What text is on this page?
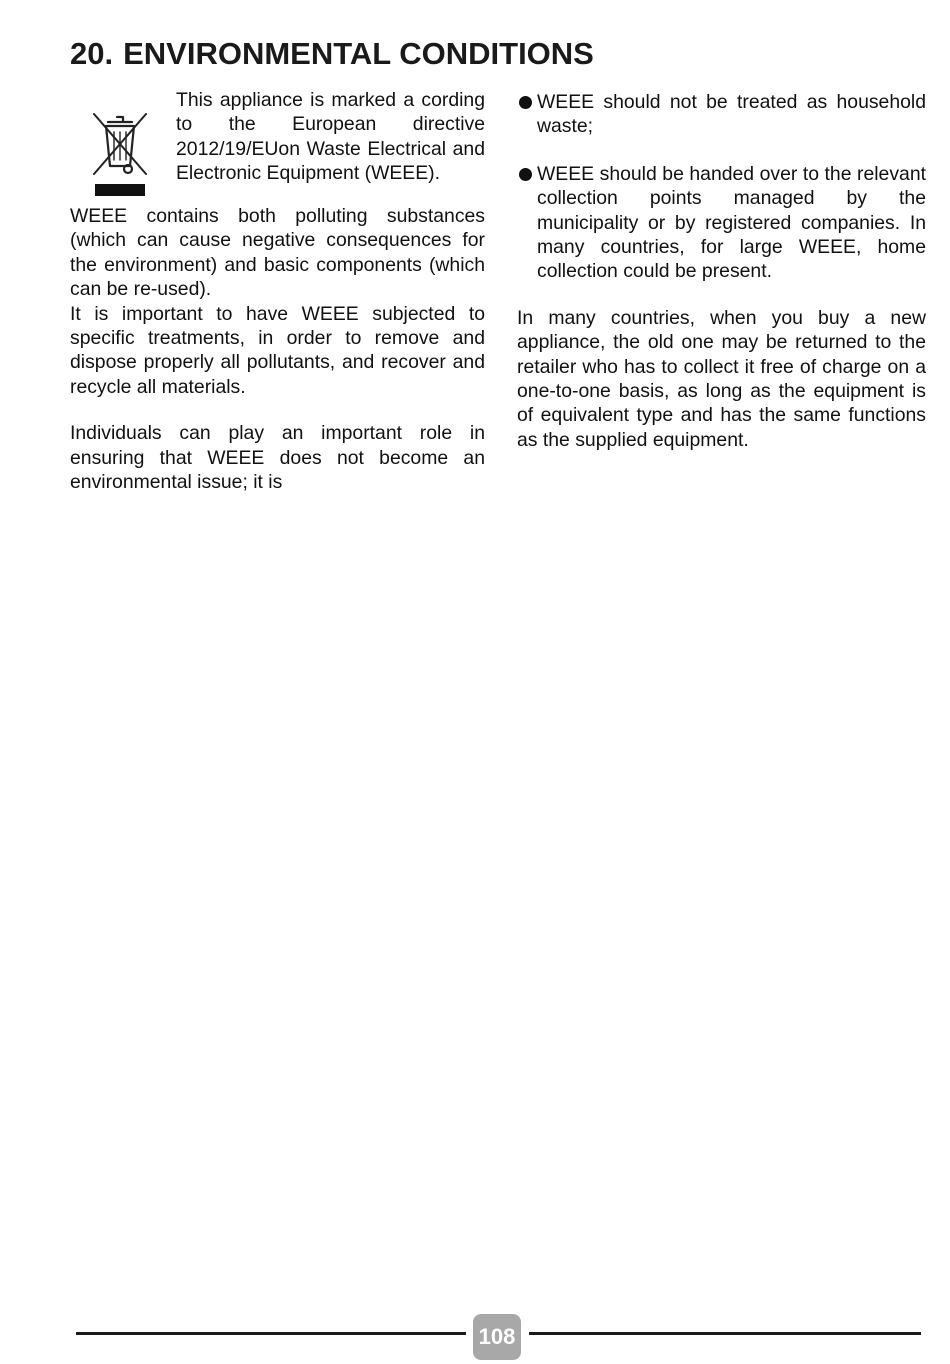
20. ENVIRONMENTAL CONDITIONS

This appliance is marked a cording to the European directive 2012/19/EUon Waste Electrical and Electronic Equipment (WEEE).

WEEE contains both polluting substances (which can cause negative consequences for the environment) and basic components (which can be re-used).

It is important to have WEEE subjected to specific treatments, in order to remove and dispose properly all pollutants, and recover and recycle all materials.

Individuals can play an important role in ensuring that WEEE does not become an environmental issue; it is

WEEE should not be treated as household waste;
WEEE should be handed over to the relevant collection points managed by the municipality or by registered companies. In many countries, for large WEEE, home collection could be present.

In many countries, when you buy a new appliance, the old one may be returned to the retailer who has to collect it free of charge on a one-to-one basis, as long as the equipment is of equivalent type and has the same functions as the supplied equipment.

108
